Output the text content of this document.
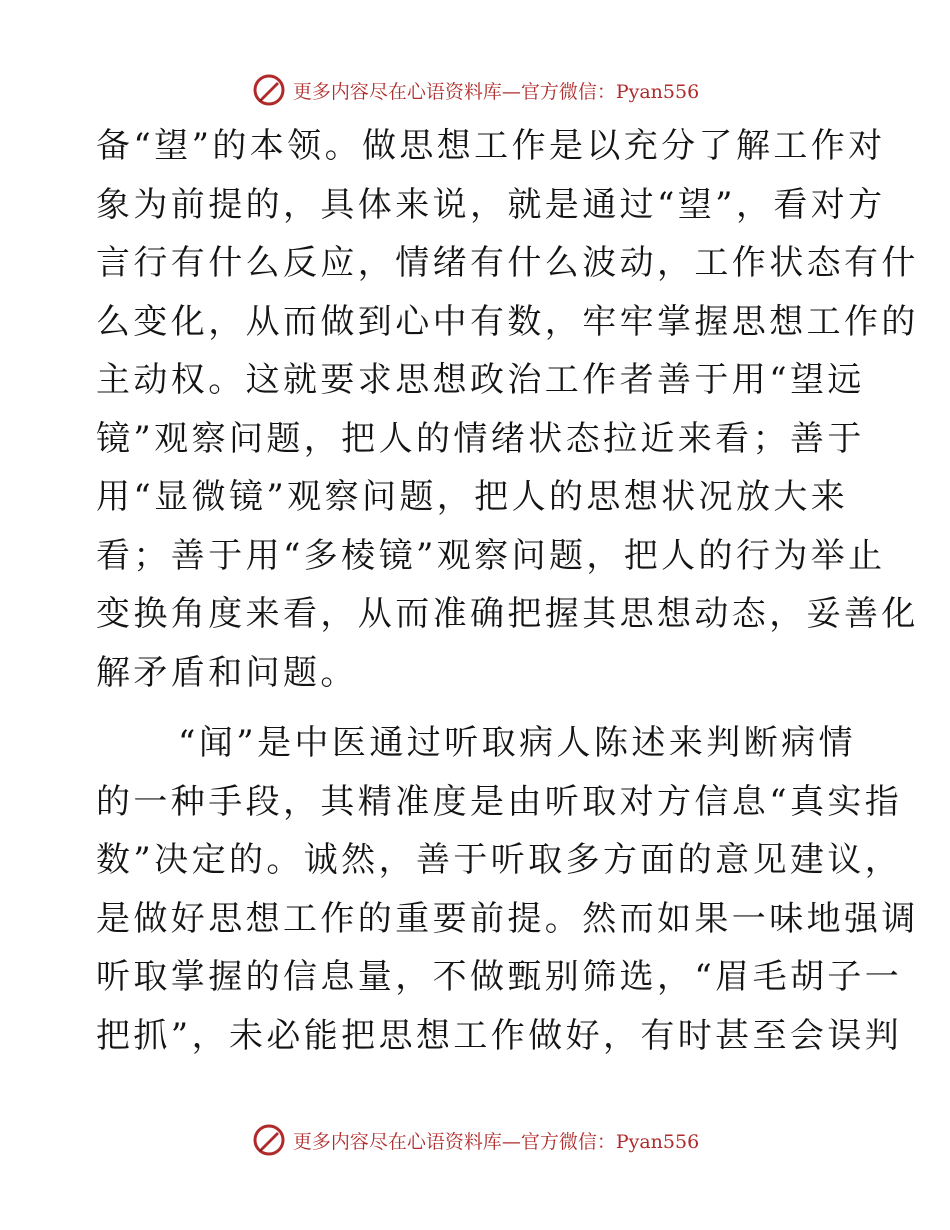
更多内容尽在心语资料库—官方微信：Pyan556
备“望”的本领。做思想工作是以充分了解工作对
象为前提的，具体来说，就是通过“望”，看对方
言行有什么反应，情绪有什么波动，工作状态有什
么变化，从而做到心中有数，牢牢掌握思想工作的
主动权。这就要求思想政治工作者善于用“望远
镜”观察问题，把人的情绪状态拉近来看；善于
用“显微镜”观察问题，把人的思想状况放大来
看；善于用“多棱镜”观察问题，把人的行为举止
变换角度来看，从而准确把握其思想动态，妥善化
解矛盾和问题。
“闻”是中医通过听取病人陈述来判断病情
的一种手段，其精准度是由听取对方信息“真实指
数”决定的。诚然，善于听取多方面的意见建议，
是做好思想工作的重要前提。然而如果一味地强调
听取掌握的信息量，不做甄别筛选，“眉毛胡子一
把抓”，未必能把思想工作做好，有时甚至会误判
更多内容尽在心语资料库—官方微信：Pyan556
